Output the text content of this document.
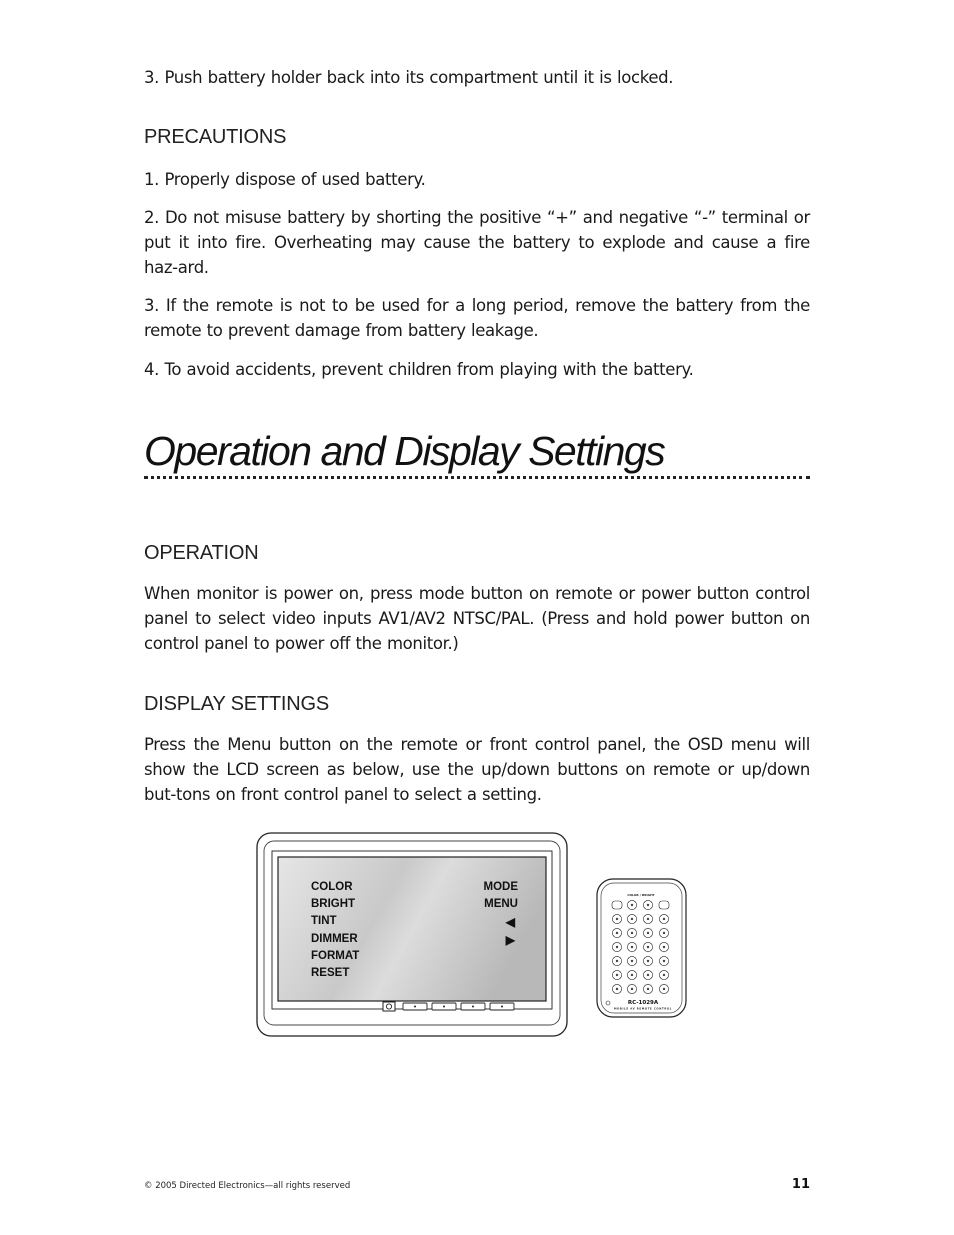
3. Push battery holder back into its compartment until it is locked.

PRECAUTIONS

1. Properly dispose of used battery.

2. Do not misuse battery by shorting the positive “+” and negative “-” terminal or put it into fire. Overheating may cause the battery to explode and cause a fire haz-ard.

3. If the remote is not to be used for a long period, remove the battery from the remote to prevent damage from battery leakage.

4. To avoid accidents, prevent children from playing with the battery.

Operation and Display Settings
OPERATION

When monitor is power on, press mode button on remote or power button control panel to select video inputs AV1/AV2 NTSC/PAL. (Press and hold power button on control panel to power off the monitor.)

DISPLAY SETTINGS

Press the Menu button on the remote or front control panel, the OSD menu will show the LCD screen as below, use the up/down buttons on remote or up/down but-tons on front control panel to select a setting.

COLOR
BRIGHT
TINT
DIMMER
FORMAT
RESET
MODE
MENU
◀
▶
COLOR / BRIGHT
RC-1029A
MOBILE AV REMOTE CONTROL
© 2005 Directed Electronics—all rights reserved	11
